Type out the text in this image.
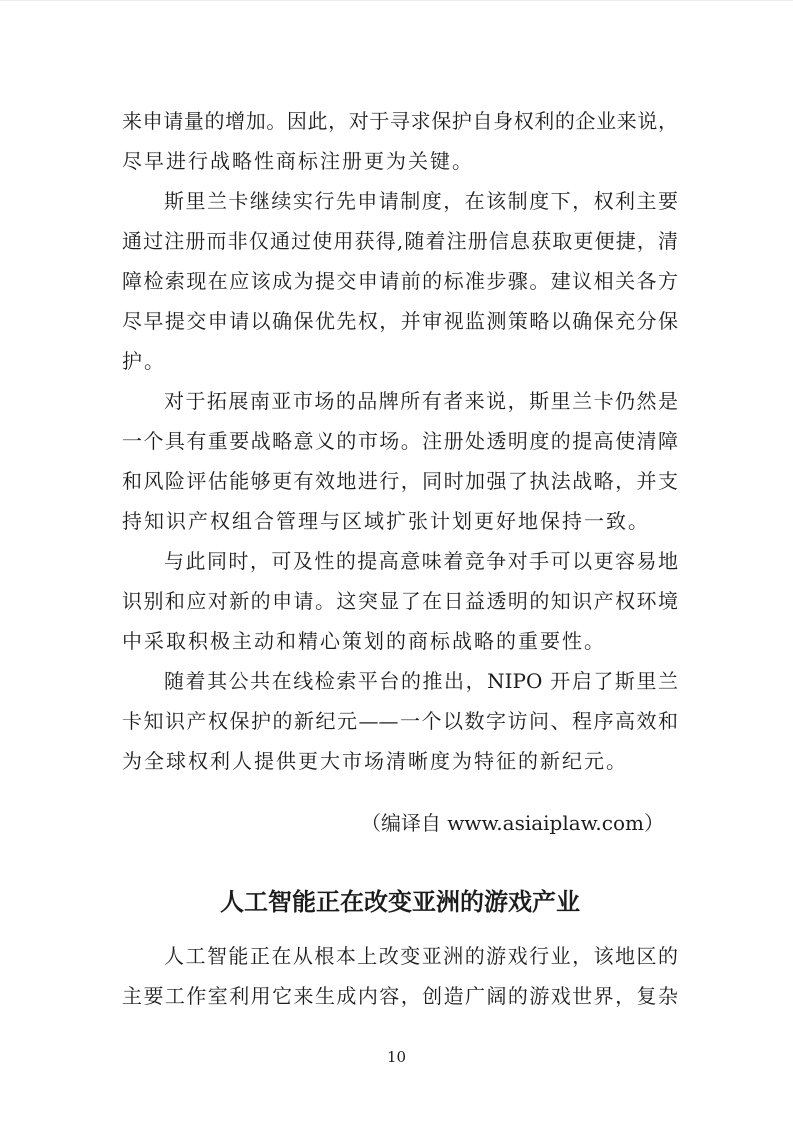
来申请量的增加。因此，对于寻求保护自身权利的企业来说，
尽早进行战略性商标注册更为关键。
斯里兰卡继续实行先申请制度，在该制度下，权利主要
通过注册而非仅通过使用获得,随着注册信息获取更便捷，清
障检索现在应该成为提交申请前的标准步骤。建议相关各方
尽早提交申请以确保优先权，并审视监测策略以确保充分保
护。
对于拓展南亚市场的品牌所有者来说，斯里兰卡仍然是
一个具有重要战略意义的市场。注册处透明度的提高使清障
和风险评估能够更有效地进行，同时加强了执法战略，并支
持知识产权组合管理与区域扩张计划更好地保持一致。
与此同时，可及性的提高意味着竞争对手可以更容易地
识别和应对新的申请。这突显了在日益透明的知识产权环境
中采取积极主动和精心策划的商标战略的重要性。
随着其公共在线检索平台的推出，NIPO 开启了斯里兰
卡知识产权保护的新纪元——一个以数字访问、程序高效和
为全球权利人提供更大市场清晰度为特征的新纪元。
（编译自 www.asiaiplaw.com）
人工智能正在改变亚洲的游戏产业
人工智能正在从根本上改变亚洲的游戏行业，该地区的
主要工作室利用它来生成内容，创造广阔的游戏世界，复杂
10
